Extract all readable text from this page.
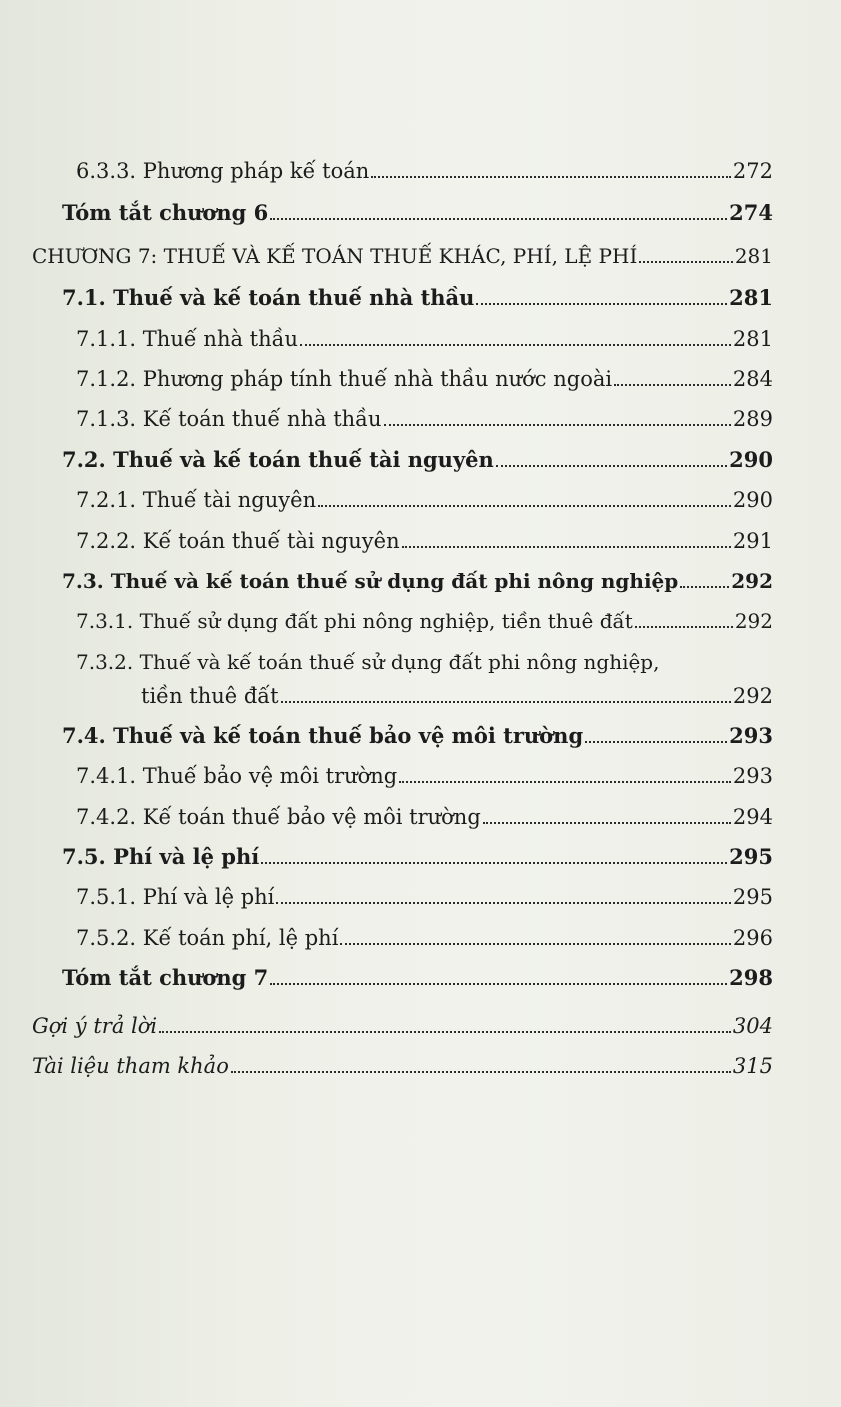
6.3.3. Phương pháp kế toán	272
Tóm tắt chương 6	274
CHƯƠNG 7: THUẾ VÀ KẾ TOÁN THUẾ KHÁC, PHÍ, LỆ PHÍ	281
7.1. Thuế và kế toán thuế nhà thầu	281
7.1.1. Thuế nhà thầu	281
7.1.2. Phương pháp tính thuế nhà thầu nước ngoài	284
7.1.3. Kế toán thuế nhà thầu	289
7.2. Thuế và kế toán thuế tài nguyên	290
7.2.1. Thuế tài nguyên	290
7.2.2. Kế toán thuế tài nguyên	291
7.3. Thuế và kế toán thuế sử dụng đất phi nông nghiệp	292
7.3.1. Thuế sử dụng đất phi nông nghiệp, tiền thuê đất	292
7.3.2. Thuế và kế toán thuế sử dụng đất phi nông nghiệp,
tiền thuê đất	292
7.4. Thuế và kế toán thuế bảo vệ môi trường	293
7.4.1. Thuế bảo vệ môi trường	293
7.4.2. Kế toán thuế bảo vệ môi trường	294
7.5. Phí và lệ phí	295
7.5.1. Phí và lệ phí	295
7.5.2. Kế toán phí, lệ phí	296
Tóm tắt chương 7	298
Gợi ý trả lời	304
Tài liệu tham khảo	315
